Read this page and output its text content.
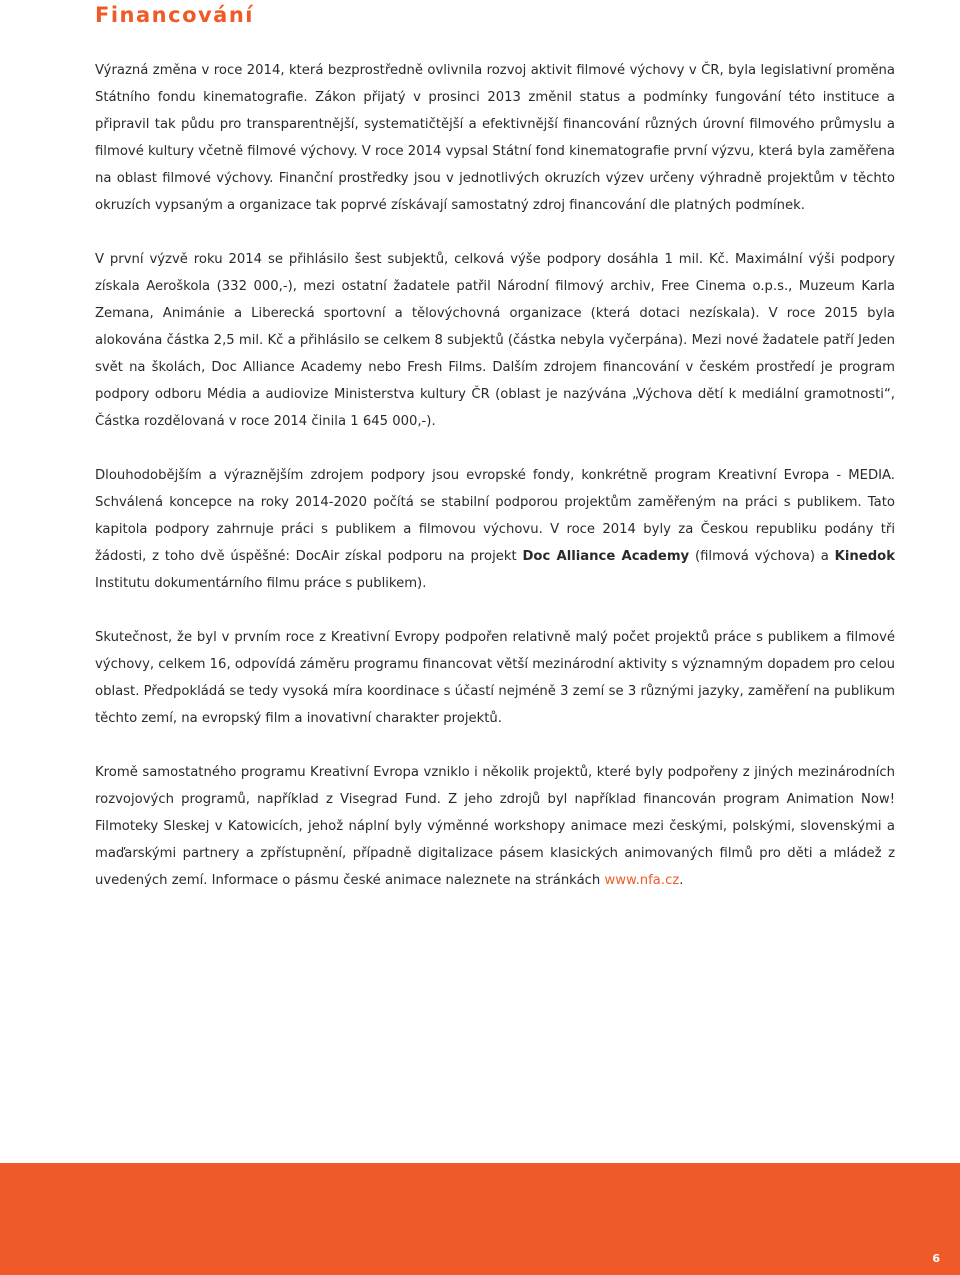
Financování

Výrazná změna v roce 2014, která bezprostředně ovlivnila rozvoj aktivit filmové výchovy v ČR, byla legislativní proměna Státního fondu kinematografie. Zákon přijatý v prosinci 2013 změnil status a podmínky fungování této instituce a připravil tak půdu pro transparentnější, systematičtější a efektivnější financování různých úrovní filmového průmyslu a filmové kultury včetně filmové výchovy. V roce 2014 vypsal Státní fond kinematografie první výzvu, která byla zaměřena na oblast filmové výchovy. Finanční prostředky jsou v jednotlivých okruzích výzev určeny výhradně projektům v těchto okruzích vypsaným a organizace tak poprvé získávají samostatný zdroj financování dle platných podmínek.

V první výzvě roku 2014 se přihlásilo šest subjektů, celková výše podpory dosáhla 1 mil. Kč. Maximální výši podpory získala Aeroškola (332 000,-), mezi ostatní žadatele patřil Národní filmový archiv, Free Cinema o.p.s., Muzeum Karla Zemana, Animánie a Liberecká sportovní a tělovýchovná organizace (která dotaci nezískala). V roce 2015 byla alokována částka 2,5 mil. Kč a přihlásilo se celkem 8 subjektů (částka nebyla vyčerpána). Mezi nové žadatele patří Jeden svět na školách, Doc Alliance Academy nebo Fresh Films. Dalším zdrojem financování v českém prostředí je program podpory odboru Média a audiovize Ministerstva kultury ČR (oblast je nazývána „Výchova dětí k mediální gramotnosti“, Částka rozdělovaná v roce 2014 činila 1 645 000,-).

Dlouhodobějším a výraznějším zdrojem podpory jsou evropské fondy, konkrétně program Kreativní Evropa - MEDIA. Schválená koncepce na roky 2014-2020 počítá se stabilní podporou projektům zaměřeným na práci s publikem. Tato kapitola podpory zahrnuje práci s publikem a filmovou výchovu. V roce 2014 byly za Českou republiku podány tři žádosti, z toho dvě úspěšné: DocAir získal podporu na projekt Doc Alliance Academy (filmová výchova) a Kinedok Institutu dokumentárního filmu práce s publikem).

Skutečnost, že byl v prvním roce z Kreativní Evropy podpořen relativně malý počet projektů práce s publikem a filmové výchovy, celkem 16, odpovídá záměru programu financovat větší mezinárodní aktivity s významným dopadem pro celou oblast. Předpokládá se tedy vysoká míra koordinace s účastí nejméně 3 zemí se 3 různými jazyky, zaměření na publikum těchto zemí, na evropský film a inovativní charakter projektů.

Kromě samostatného programu Kreativní Evropa vzniklo i několik projektů, které byly podpořeny z jiných mezinárodních rozvojových programů, například z Visegrad Fund. Z jeho zdrojů byl například financován program Animation Now! Filmoteky Sleskej v Katowicích, jehož náplní byly výměnné workshopy animace mezi českými, polskými, slovenskými a maďarskými partnery a zpřístupnění, případně digitalizace pásem klasických animovaných filmů pro děti a mládež z uvedených zemí. Informace o pásmu české animace naleznete na stránkách www.nfa.cz.

6
